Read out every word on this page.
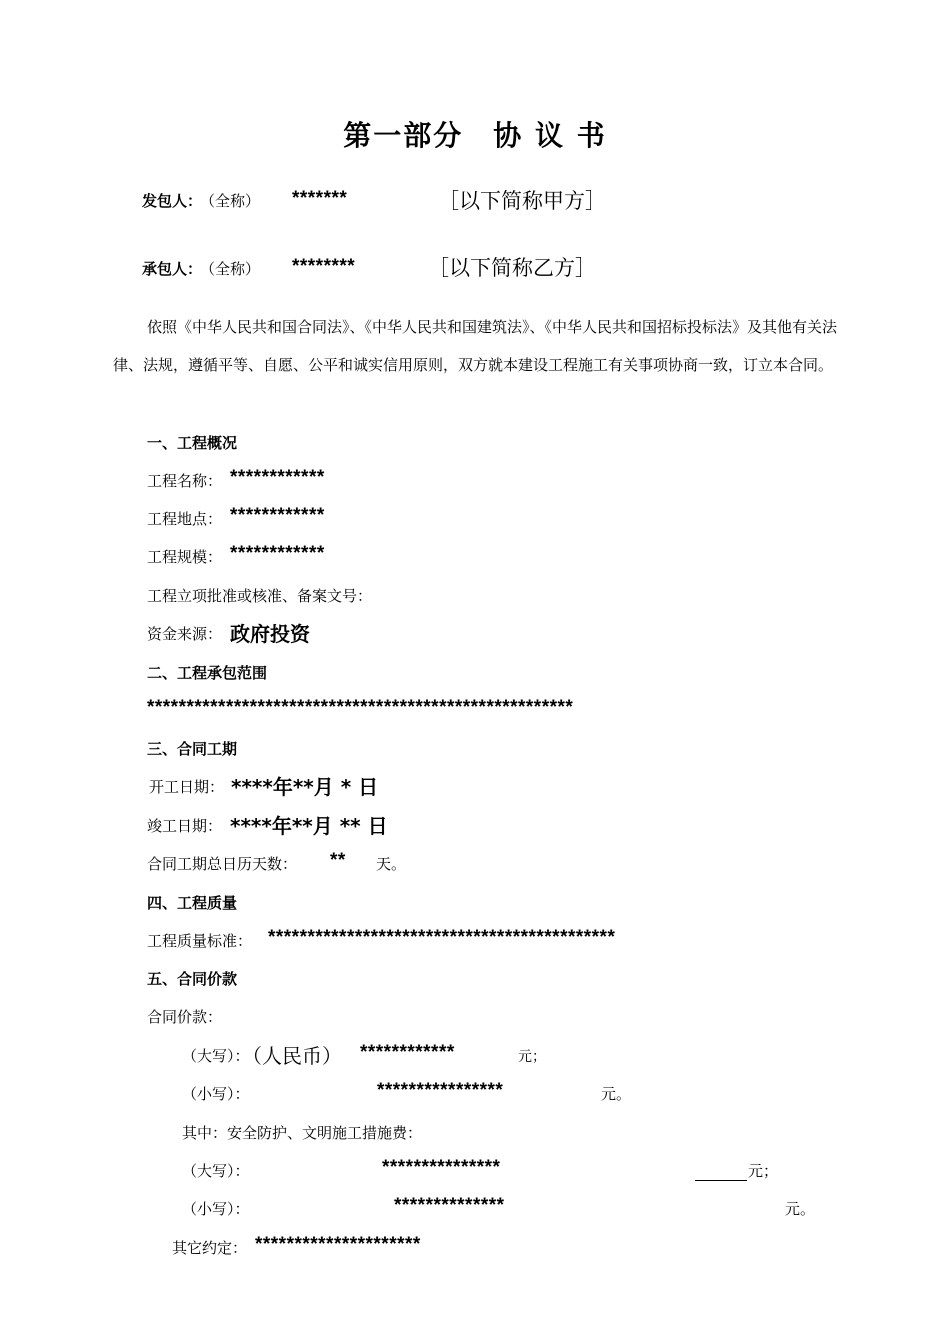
第一部分　协 议 书
发包人：
（全称） *******	［以下简称甲方］
承包人：
（全称） ********	［以下简称乙方］
依照《中华人民共和国合同法》、《中华人民共和国建筑法》、《中华人民共和国招标投标法》及其他有关法律、法规，遵循平等、自愿、公平和诚实信用原则，双方就本建设工程施工有关事项协商一致，订立本合同。
一、工程概况
工程名称： ************
工程地点： ************
工程规模： ************
工程立项批准或核准、备案文号：
资金来源： 政府投资
二、工程承包范围
******************************************************
三、合同工期
开工日期： ****年**月 * 日
竣工日期： ****年**月 ** 日
合同工期总日历天数： ** 天。
四、工程质量
工程质量标准： ********************************************
五、合同价款
合同价款：
（大写）：
（人民币） ************	元；
（小写）：	****************	元。
其中：安全防护、文明施工措施费：
（大写）：	***************	元；
（小写）：	**************	元。
其它约定： *********************
